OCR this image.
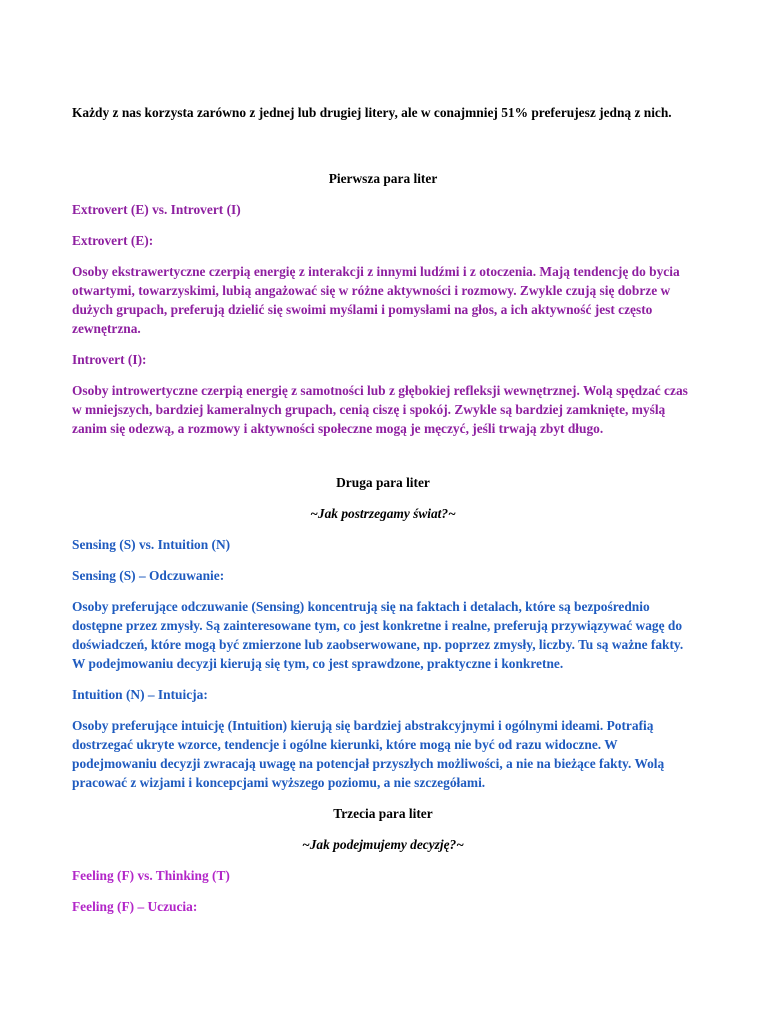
Każdy z nas korzysta zarówno z jednej lub drugiej litery, ale w conajmniej 51% preferujesz jedną z nich.

Pierwsza para liter

Extrovert (E) vs. Introvert (I)

Extrovert (E):

Osoby ekstrawertyczne czerpią energię z interakcji z innymi ludźmi i z otoczenia. Mają tendencję do bycia otwartymi, towarzyskimi, lubią angażować się w różne aktywności i rozmowy. Zwykle czują się dobrze w dużych grupach, preferują dzielić się swoimi myślami i pomysłami na głos, a ich aktywność jest często zewnętrzna.

Introvert (I):

Osoby introwertyczne czerpią energię z samotności lub z głębokiej refleksji wewnętrznej. Wolą spędzać czas w mniejszych, bardziej kameralnych grupach, cenią ciszę i spokój. Zwykle są bardziej zamknięte, myślą zanim się odezwą, a rozmowy i aktywności społeczne mogą je męczyć, jeśli trwają zbyt długo.

Druga para liter

~Jak postrzegamy świat?~

Sensing (S) vs. Intuition (N)

Sensing (S) – Odczuwanie:

Osoby preferujące odczuwanie (Sensing) koncentrują się na faktach i detalach, które są bezpośrednio dostępne przez zmysły. Są zainteresowane tym, co jest konkretne i realne, preferują przywiązywać wagę do doświadczeń, które mogą być zmierzone lub zaobserwowane, np. poprzez zmysły, liczby. Tu są ważne fakty. W podejmowaniu decyzji kierują się tym, co jest sprawdzone, praktyczne i konkretne.

Intuition (N) – Intuicja:

Osoby preferujące intuicję (Intuition) kierują się bardziej abstrakcyjnymi i ogólnymi ideami. Potrafią dostrzegać ukryte wzorce, tendencje i ogólne kierunki, które mogą nie być od razu widoczne. W podejmowaniu decyzji zwracają uwagę na potencjał przyszłych możliwości, a nie na bieżące fakty. Wolą pracować z wizjami i koncepcjami wyższego poziomu, a nie szczegółami.

Trzecia para liter

~Jak podejmujemy decyzję?~

Feeling (F) vs. Thinking (T)

Feeling (F) – Uczucia:
